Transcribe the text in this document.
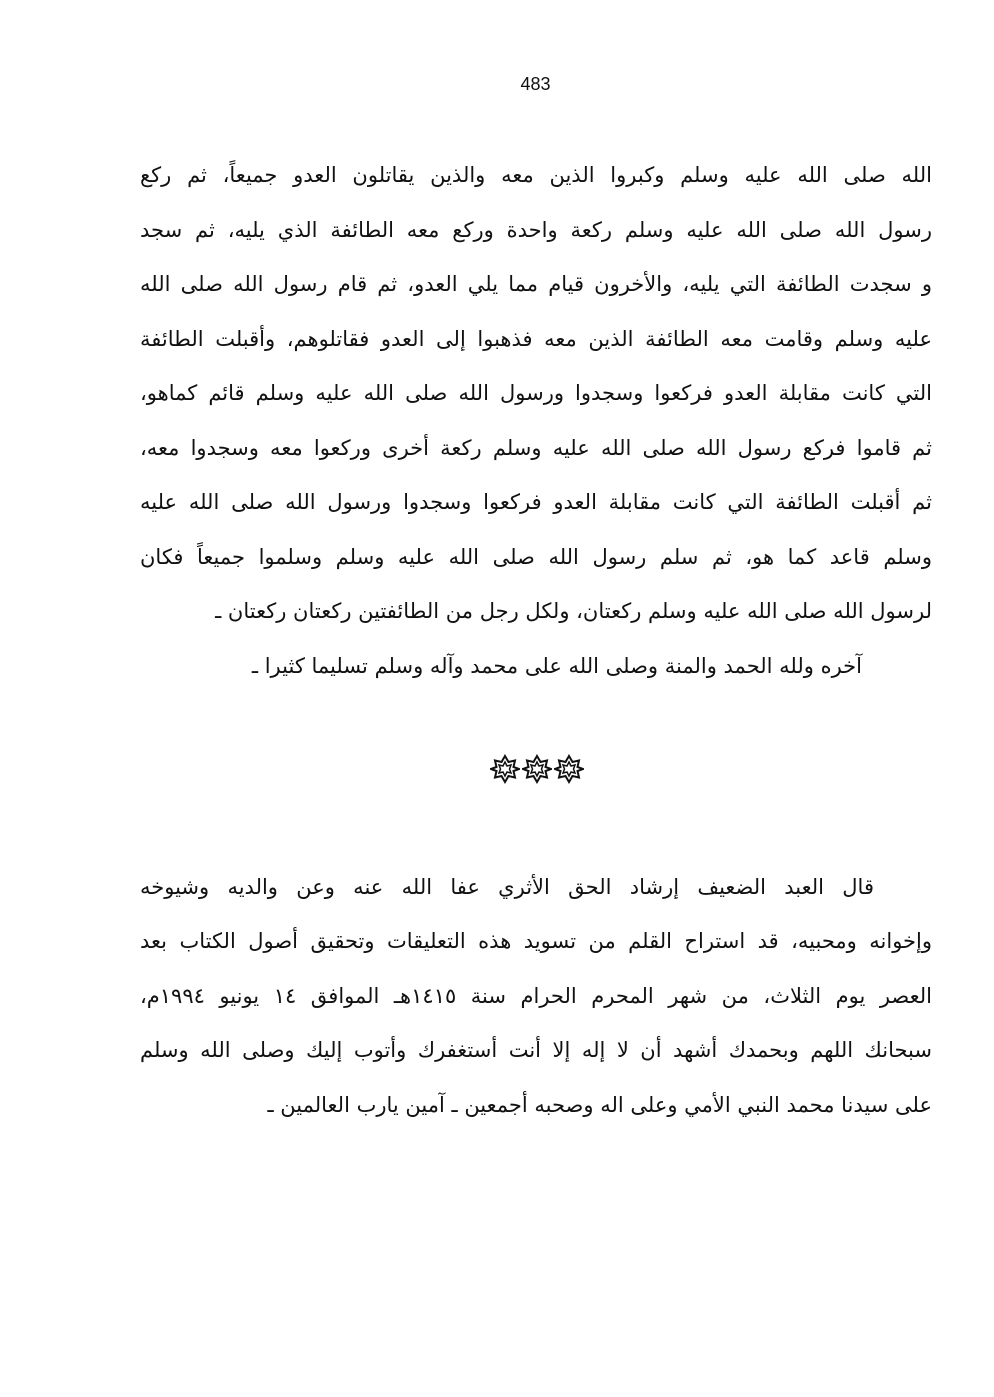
483
الله صلى الله عليه وسلم وكبروا الذين معه والذين يقاتلون العدو جميعاً، ثم ركع
رسول الله صلى الله عليه وسلم ركعة واحدة وركع معه الطائفة الذي يليه، ثم سجد
و سجدت الطائفة التي يليه، والأخرون قيام مما يلي العدو، ثم قام رسول الله صلى الله
عليه وسلم وقامت معه الطائفة الذين معه فذهبوا إلى العدو فقاتلوهم، وأقبلت الطائفة
التي كانت مقابلة العدو فركعوا وسجدوا ورسول الله صلى الله عليه وسلم قائم كماهو،
ثم قاموا فركع رسول الله صلى الله عليه وسلم ركعة أخرى وركعوا معه وسجدوا معه،
ثم أقبلت الطائفة التي كانت مقابلة العدو فركعوا وسجدوا ورسول الله صلى الله عليه
وسلم قاعد كما هو، ثم سلم رسول الله صلى الله عليه وسلم وسلموا جميعاً فكان
لرسول الله صلى الله عليه وسلم ركعتان، ولكل رجل من الطائفتين ركعتان ركعتان ـ
آخره ولله الحمد والمنة وصلى الله على محمد وآله وسلم تسليما كثيرا ـ
قال العبد الضعيف إرشاد الحق الأثري عفا الله عنه وعن والديه وشيوخه
وإخوانه ومحبيه، قد استراح القلم من تسويد هذه التعليقات وتحقيق أصول الكتاب بعد
العصر يوم الثلاث، من شهر المحرم الحرام سنة ١٤١٥هـ الموافق ١٤ يونيو ١٩٩٤م،
سبحانك اللهم وبحمدك أشهد أن لا إله إلا أنت أستغفرك وأتوب إليك وصلى الله وسلم
على سيدنا محمد النبي الأمي وعلى اله وصحبه أجمعين ـ آمين يارب العالمين ـ
